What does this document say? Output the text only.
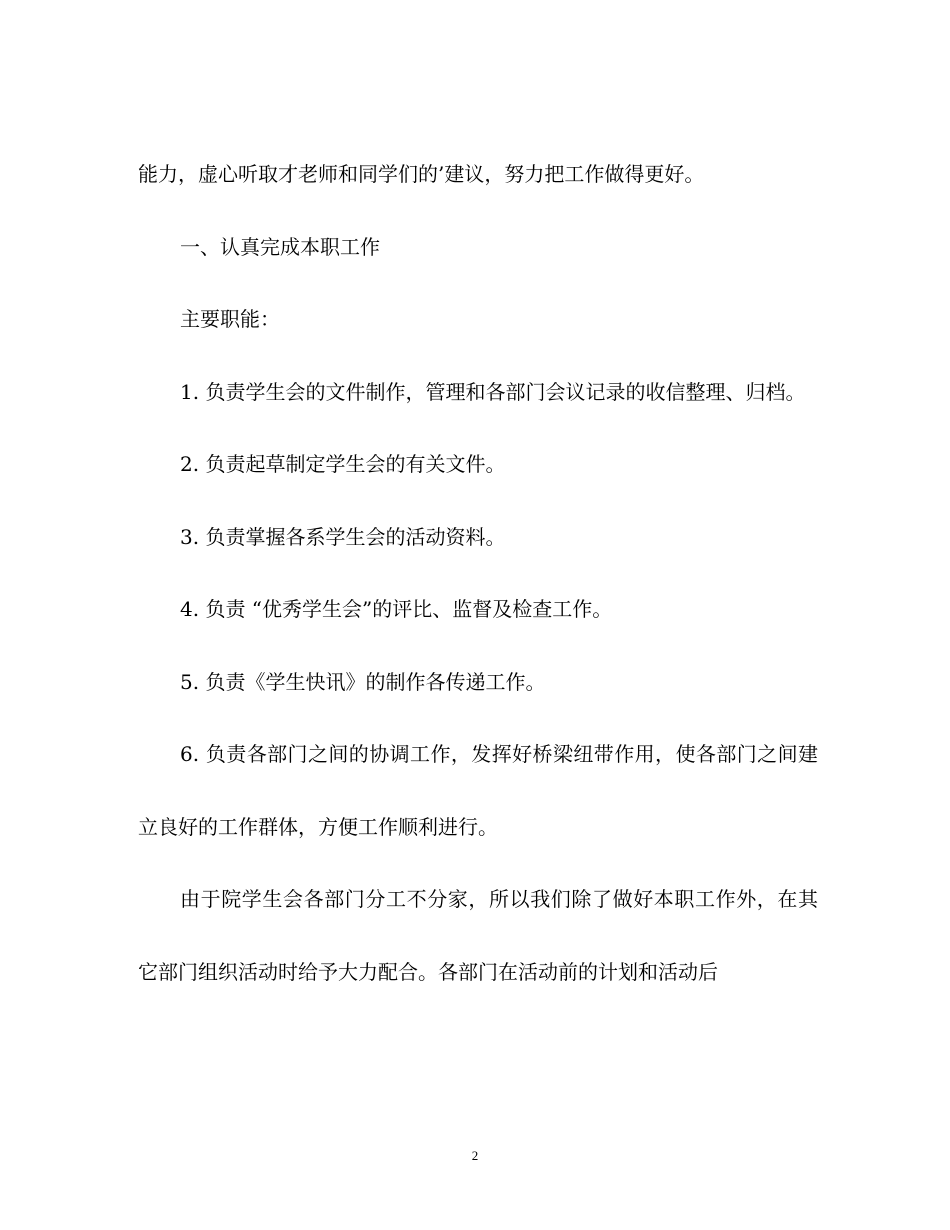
能力，虚心听取才老师和同学们的’建议，努力把工作做得更好。

一、认真完成本职工作

主要职能：

1. 负责学生会的文件制作，管理和各部门会议记录的收信整理、归档。

2. 负责起草制定学生会的有关文件。

3. 负责掌握各系学生会的活动资料。

4. 负责 “优秀学生会”的评比、监督及检查工作。

5. 负责《学生快讯》的制作各传递工作。

6. 负责各部门之间的协调工作，发挥好桥梁纽带作用，使各部门之间建立良好的工作群体，方便工作顺利进行。

由于院学生会各部门分工不分家，所以我们除了做好本职工作外，在其它部门组织活动时给予大力配合。各部门在活动前的计划和活动后

2
